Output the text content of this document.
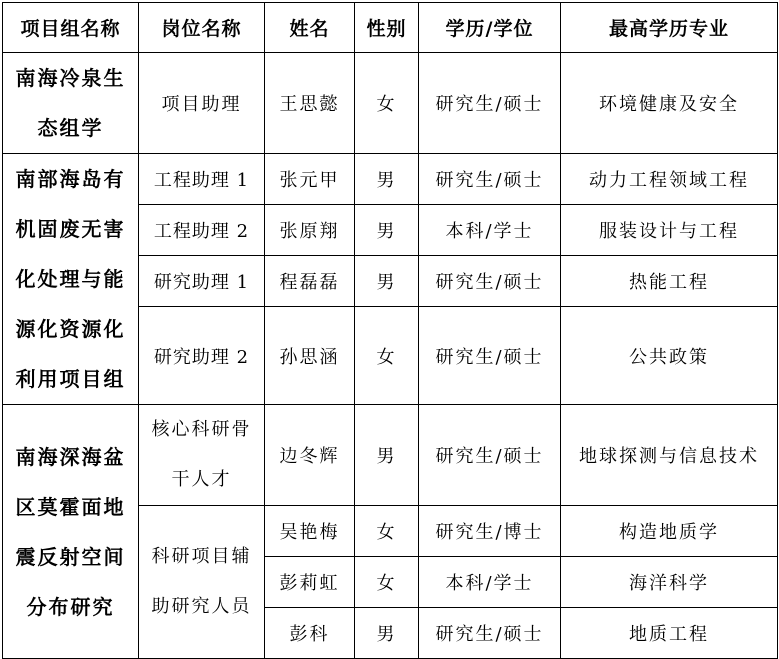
项目组名称	岗位名称	姓名	性别	学历/学位	最高学历专业
南海冷泉生态组学	项目助理	王思懿	女	研究生/硕士	环境健康及安全
南部海岛有机固废无害化处理与能源化资源化利用项目组	工程助理 1	张元甲	男	研究生/硕士	动力工程领域工程
	工程助理 2	张原翔	男	本科/学士	服装设计与工程
	研究助理 1	程磊磊	男	研究生/硕士	热能工程
	研究助理 2	孙思涵	女	研究生/硕士	公共政策
南海深海盆区莫霍面地震反射空间分布研究	核心科研骨干人才	边冬辉	男	研究生/硕士	地球探测与信息技术
	科研项目辅助研究人员	吴艳梅	女	研究生/博士	构造地质学
		彭莉虹	女	本科/学士	海洋科学
		彭科	男	研究生/硕士	地质工程
